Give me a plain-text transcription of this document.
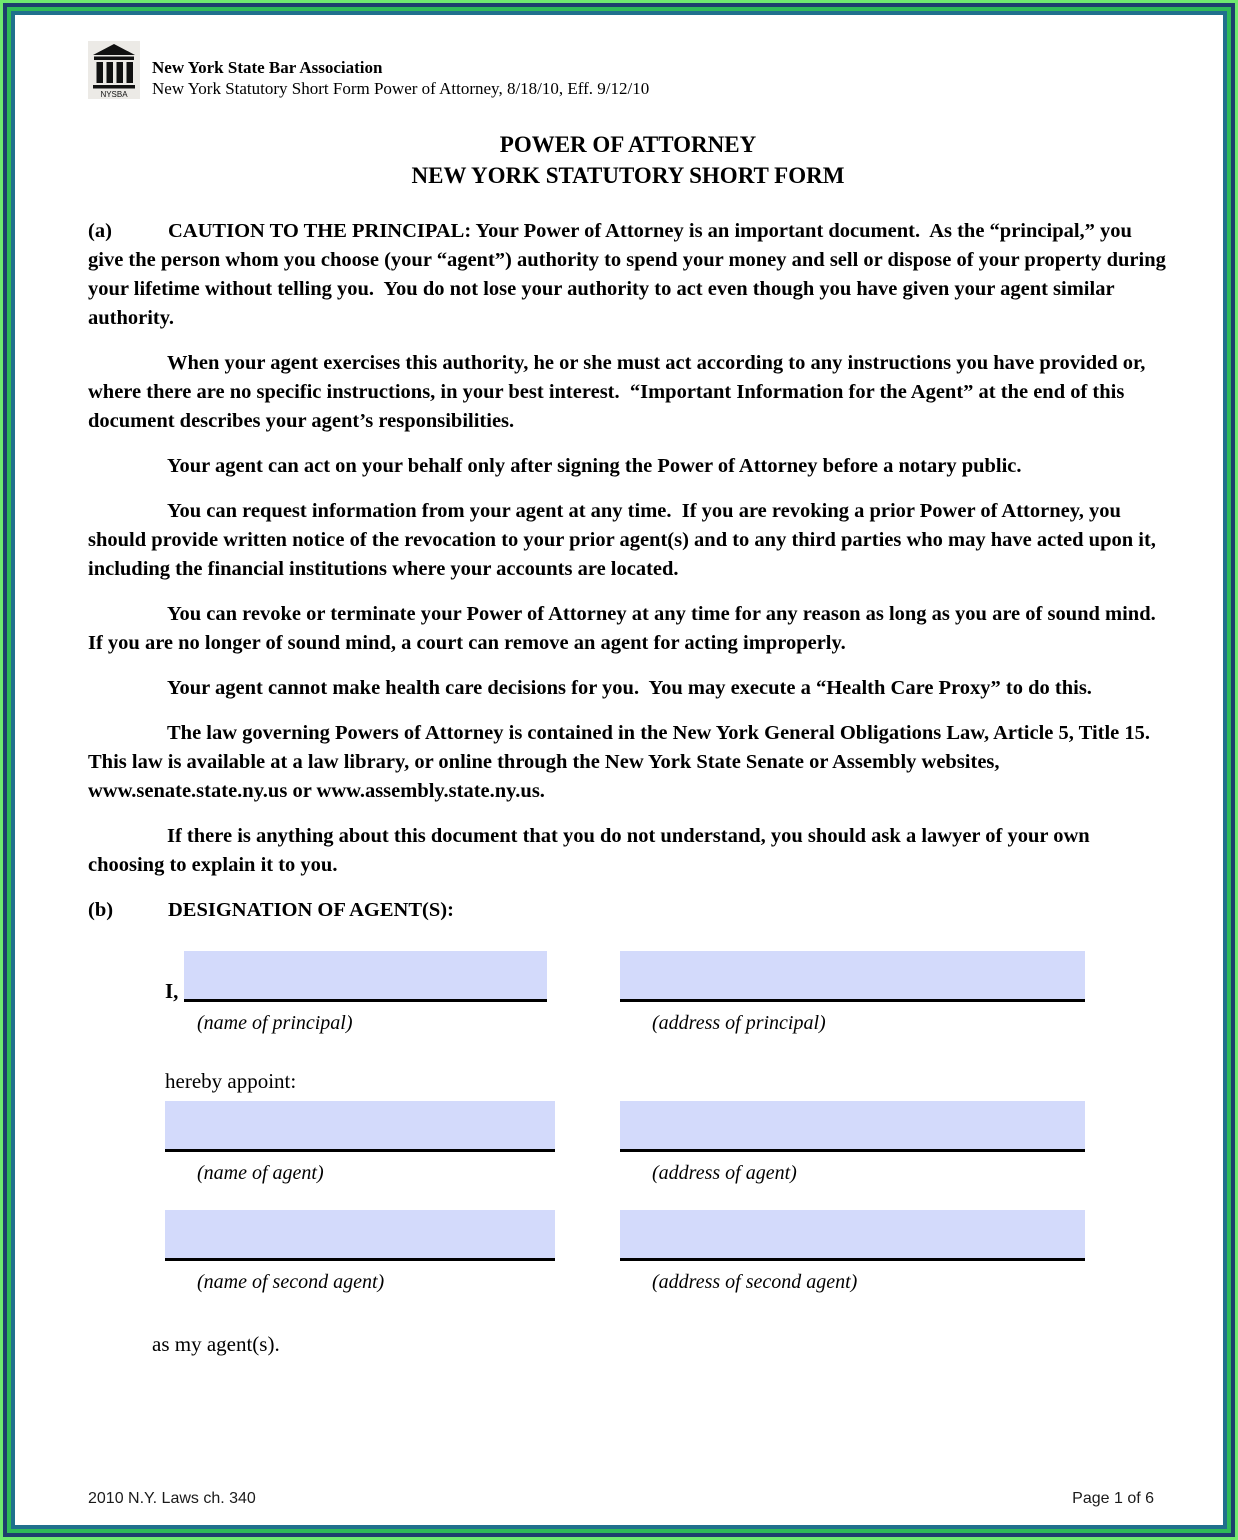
NYSBA
New York State Bar Association
New York Statutory Short Form Power of Attorney, 8/18/10, Eff. 9/12/10
POWER OF ATTORNEY
NEW YORK STATUTORY SHORT FORM

(a)	CAUTION TO THE PRINCIPAL: Your Power of Attorney is an important document.  As the “principal,” you give the person whom you choose (your “agent”) authority to spend your money and sell or dispose of your property during your lifetime without telling you.  You do not lose your authority to act even though you have given your agent similar authority.

When your agent exercises this authority, he or she must act according to any instructions you have provided or, where there are no specific instructions, in your best interest.  “Important Information for the Agent” at the end of this document describes your agent’s responsibilities.

Your agent can act on your behalf only after signing the Power of Attorney before a notary public.

You can request information from your agent at any time.  If you are revoking a prior Power of Attorney, you should provide written notice of the revocation to your prior agent(s) and to any third parties who may have acted upon it, including the financial institutions where your accounts are located.

You can revoke or terminate your Power of Attorney at any time for any reason as long as you are of sound mind.  If you are no longer of sound mind, a court can remove an agent for acting improperly.

Your agent cannot make health care decisions for you.  You may execute a “Health Care Proxy” to do this.

The law governing Powers of Attorney is contained in the New York General Obligations Law, Article 5, Title 15.  This law is available at a law library, or online through the New York State Senate or Assembly websites, www.senate.state.ny.us or www.assembly.state.ny.us.

If there is anything about this document that you do not understand, you should ask a lawyer of your own choosing to explain it to you.

(b)	DESIGNATION OF AGENT(S):

I,
(name of principal)	(address of principal)
hereby appoint:
(name of agent)	(address of agent)
(name of second agent)	(address of second agent)
as my agent(s).
2010 N.Y. Laws ch. 340	Page 1 of 6
